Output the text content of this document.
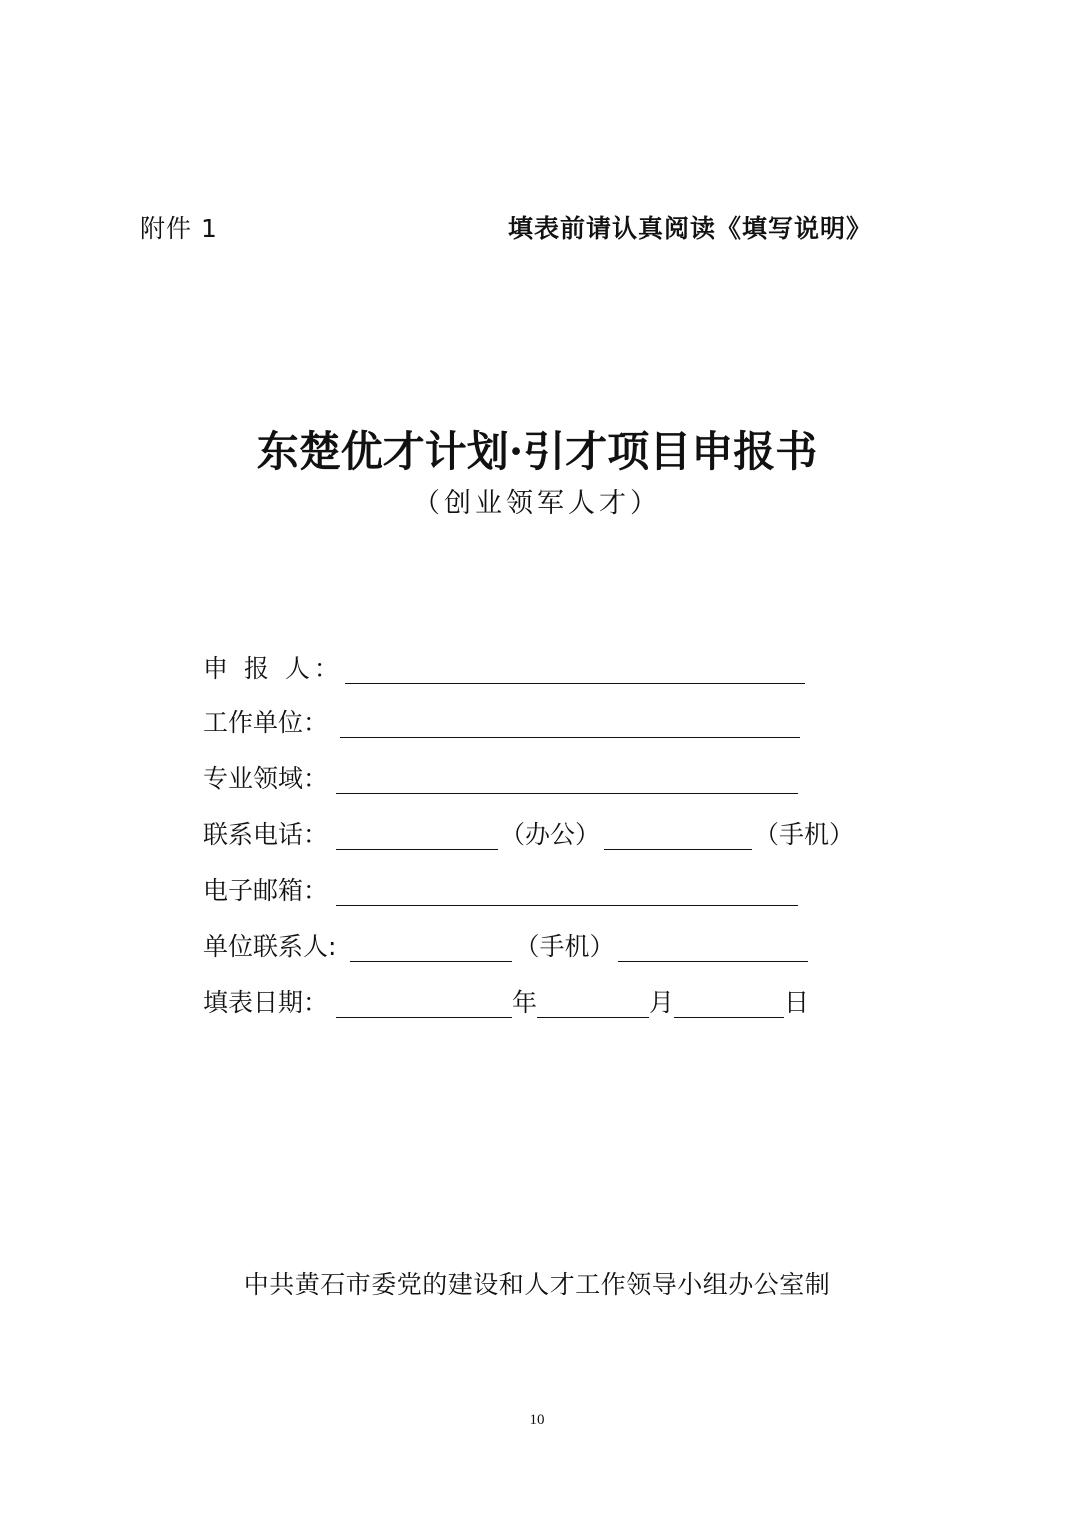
附件 1	填表前请认真阅读《填写说明》
东楚优才计划·引才项目申报书
（创业领军人才）
申 报 人：
工作单位：
专业领域：
联系电话：	（办公）	（手机）
电子邮箱：
单位联系人:	（手机）
填表日期：	年	月	日
中共黄石市委党的建设和人才工作领导小组办公室制
10
